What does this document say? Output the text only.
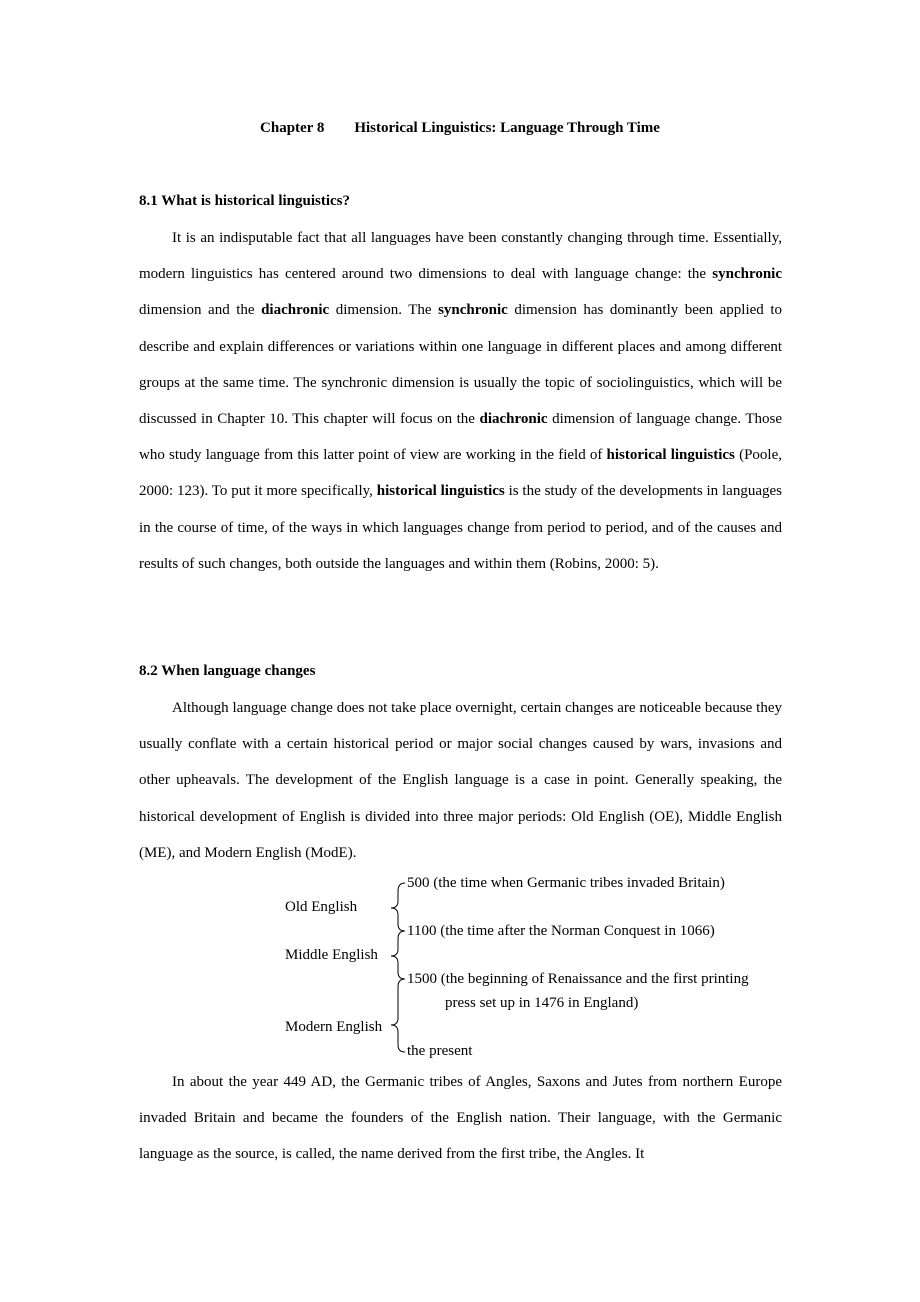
Chapter 8 Historical Linguistics: Language Through Time
8.1 What is historical linguistics?

It is an indisputable fact that all languages have been constantly changing through time. Essentially, modern linguistics has centered around two dimensions to deal with language change: the synchronic dimension and the diachronic dimension. The synchronic dimension has dominantly been applied to describe and explain differences or variations within one language in different places and among different groups at the same time. The synchronic dimension is usually the topic of sociolinguistics, which will be discussed in Chapter 10. This chapter will focus on the diachronic dimension of language change. Those who study language from this latter point of view are working in the field of historical linguistics (Poole, 2000: 123). To put it more specifically, historical linguistics is the study of the developments in languages in the course of time, of the ways in which languages change from period to period, and of the causes and results of such changes, both outside the languages and within them (Robins, 2000: 5).

8.2 When language changes

Although language change does not take place overnight, certain changes are noticeable because they usually conflate with a certain historical period or major social changes caused by wars, invasions and other upheavals. The development of the English language is a case in point. Generally speaking, the historical development of English is divided into three major periods: Old English (OE), Middle English (ME), and Modern English (ModE).

500 (the time when Germanic tribes invaded Britain)
Old English
1100 (the time after the Norman Conquest in 1066)
Middle English
1500 (the beginning of Renaissance and the first printing
press set up in 1476 in England)
Modern English
the present

In about the year 449 AD, the Germanic tribes of Angles, Saxons and Jutes from northern Europe invaded Britain and became the founders of the English nation. Their language, with the Germanic language as the source, is called, the name derived from the first tribe, the Angles. It
